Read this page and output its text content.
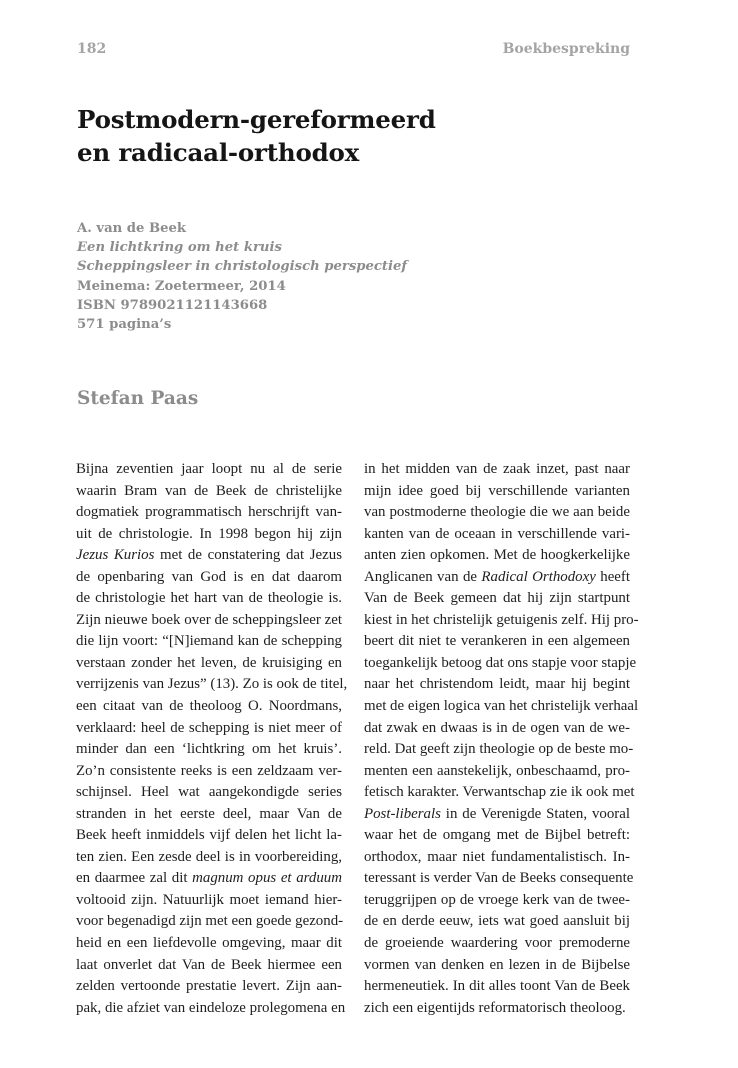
182	Boekbespreking
Postmodern-gereformeerd
en radicaal-orthodox
A. van de Beek
Een lichtkring om het kruis
Scheppingsleer in christologisch perspectief
Meinema: Zoetermeer, 2014
ISBN 9789021121143668
571 pagina’s
Stefan Paas
Bijna zeventien jaar loopt nu al de serie
waarin Bram van de Beek de christelijke
dogmatiek programmatisch herschrijft van-
uit de christologie. In 1998 begon hij zijn
Jezus Kurios met de constatering dat Jezus
de openbaring van God is en dat daarom
de christologie het hart van de theologie is.
Zijn nieuwe boek over de scheppingsleer zet
die lijn voort: “[N]iemand kan de schepping
verstaan zonder het leven, de kruisiging en
verrijzenis van Jezus” (13). Zo is ook de titel,
een citaat van de theoloog O. Noordmans,
verklaard: heel de schepping is niet meer of
minder dan een ‘lichtkring om het kruis’.
Zo’n consistente reeks is een zeldzaam ver-
schijnsel. Heel wat aangekondigde series
stranden in het eerste deel, maar Van de
Beek heeft inmiddels vijf delen het licht la-
ten zien. Een zesde deel is in voorbereiding,
en daarmee zal dit magnum opus et arduum
voltooid zijn. Natuurlijk moet iemand hier-
voor begenadigd zijn met een goede gezond-
heid en een liefdevolle omgeving, maar dit
laat onverlet dat Van de Beek hiermee een
zelden vertoonde prestatie levert. Zijn aan-
pak, die afziet van eindeloze prolegomena en
in het midden van de zaak inzet, past naar
mijn idee goed bij verschillende varianten
van postmoderne theologie die we aan beide
kanten van de oceaan in verschillende vari-
anten zien opkomen. Met de hoogkerkelijke
Anglicanen van de Radical Orthodoxy heeft
Van de Beek gemeen dat hij zijn startpunt
kiest in het christelijk getuigenis zelf. Hij pro-
beert dit niet te verankeren in een algemeen
toegankelijk betoog dat ons stapje voor stapje
naar het christendom leidt, maar hij begint
met de eigen logica van het christelijk verhaal
dat zwak en dwaas is in de ogen van de we-
reld. Dat geeft zijn theologie op de beste mo-
menten een aanstekelijk, onbeschaamd, pro-
fetisch karakter. Verwantschap zie ik ook met
Post-liberals in de Verenigde Staten, vooral
waar het de omgang met de Bijbel betreft:
orthodox, maar niet fundamentalistisch. In-
teressant is verder Van de Beeks consequente
teruggrijpen op de vroege kerk van de twee-
de en derde eeuw, iets wat goed aansluit bij
de groeiende waardering voor premoderne
vormen van denken en lezen in de Bijbelse
hermeneutiek. In dit alles toont Van de Beek
zich een eigentijds reformatorisch theoloog.
